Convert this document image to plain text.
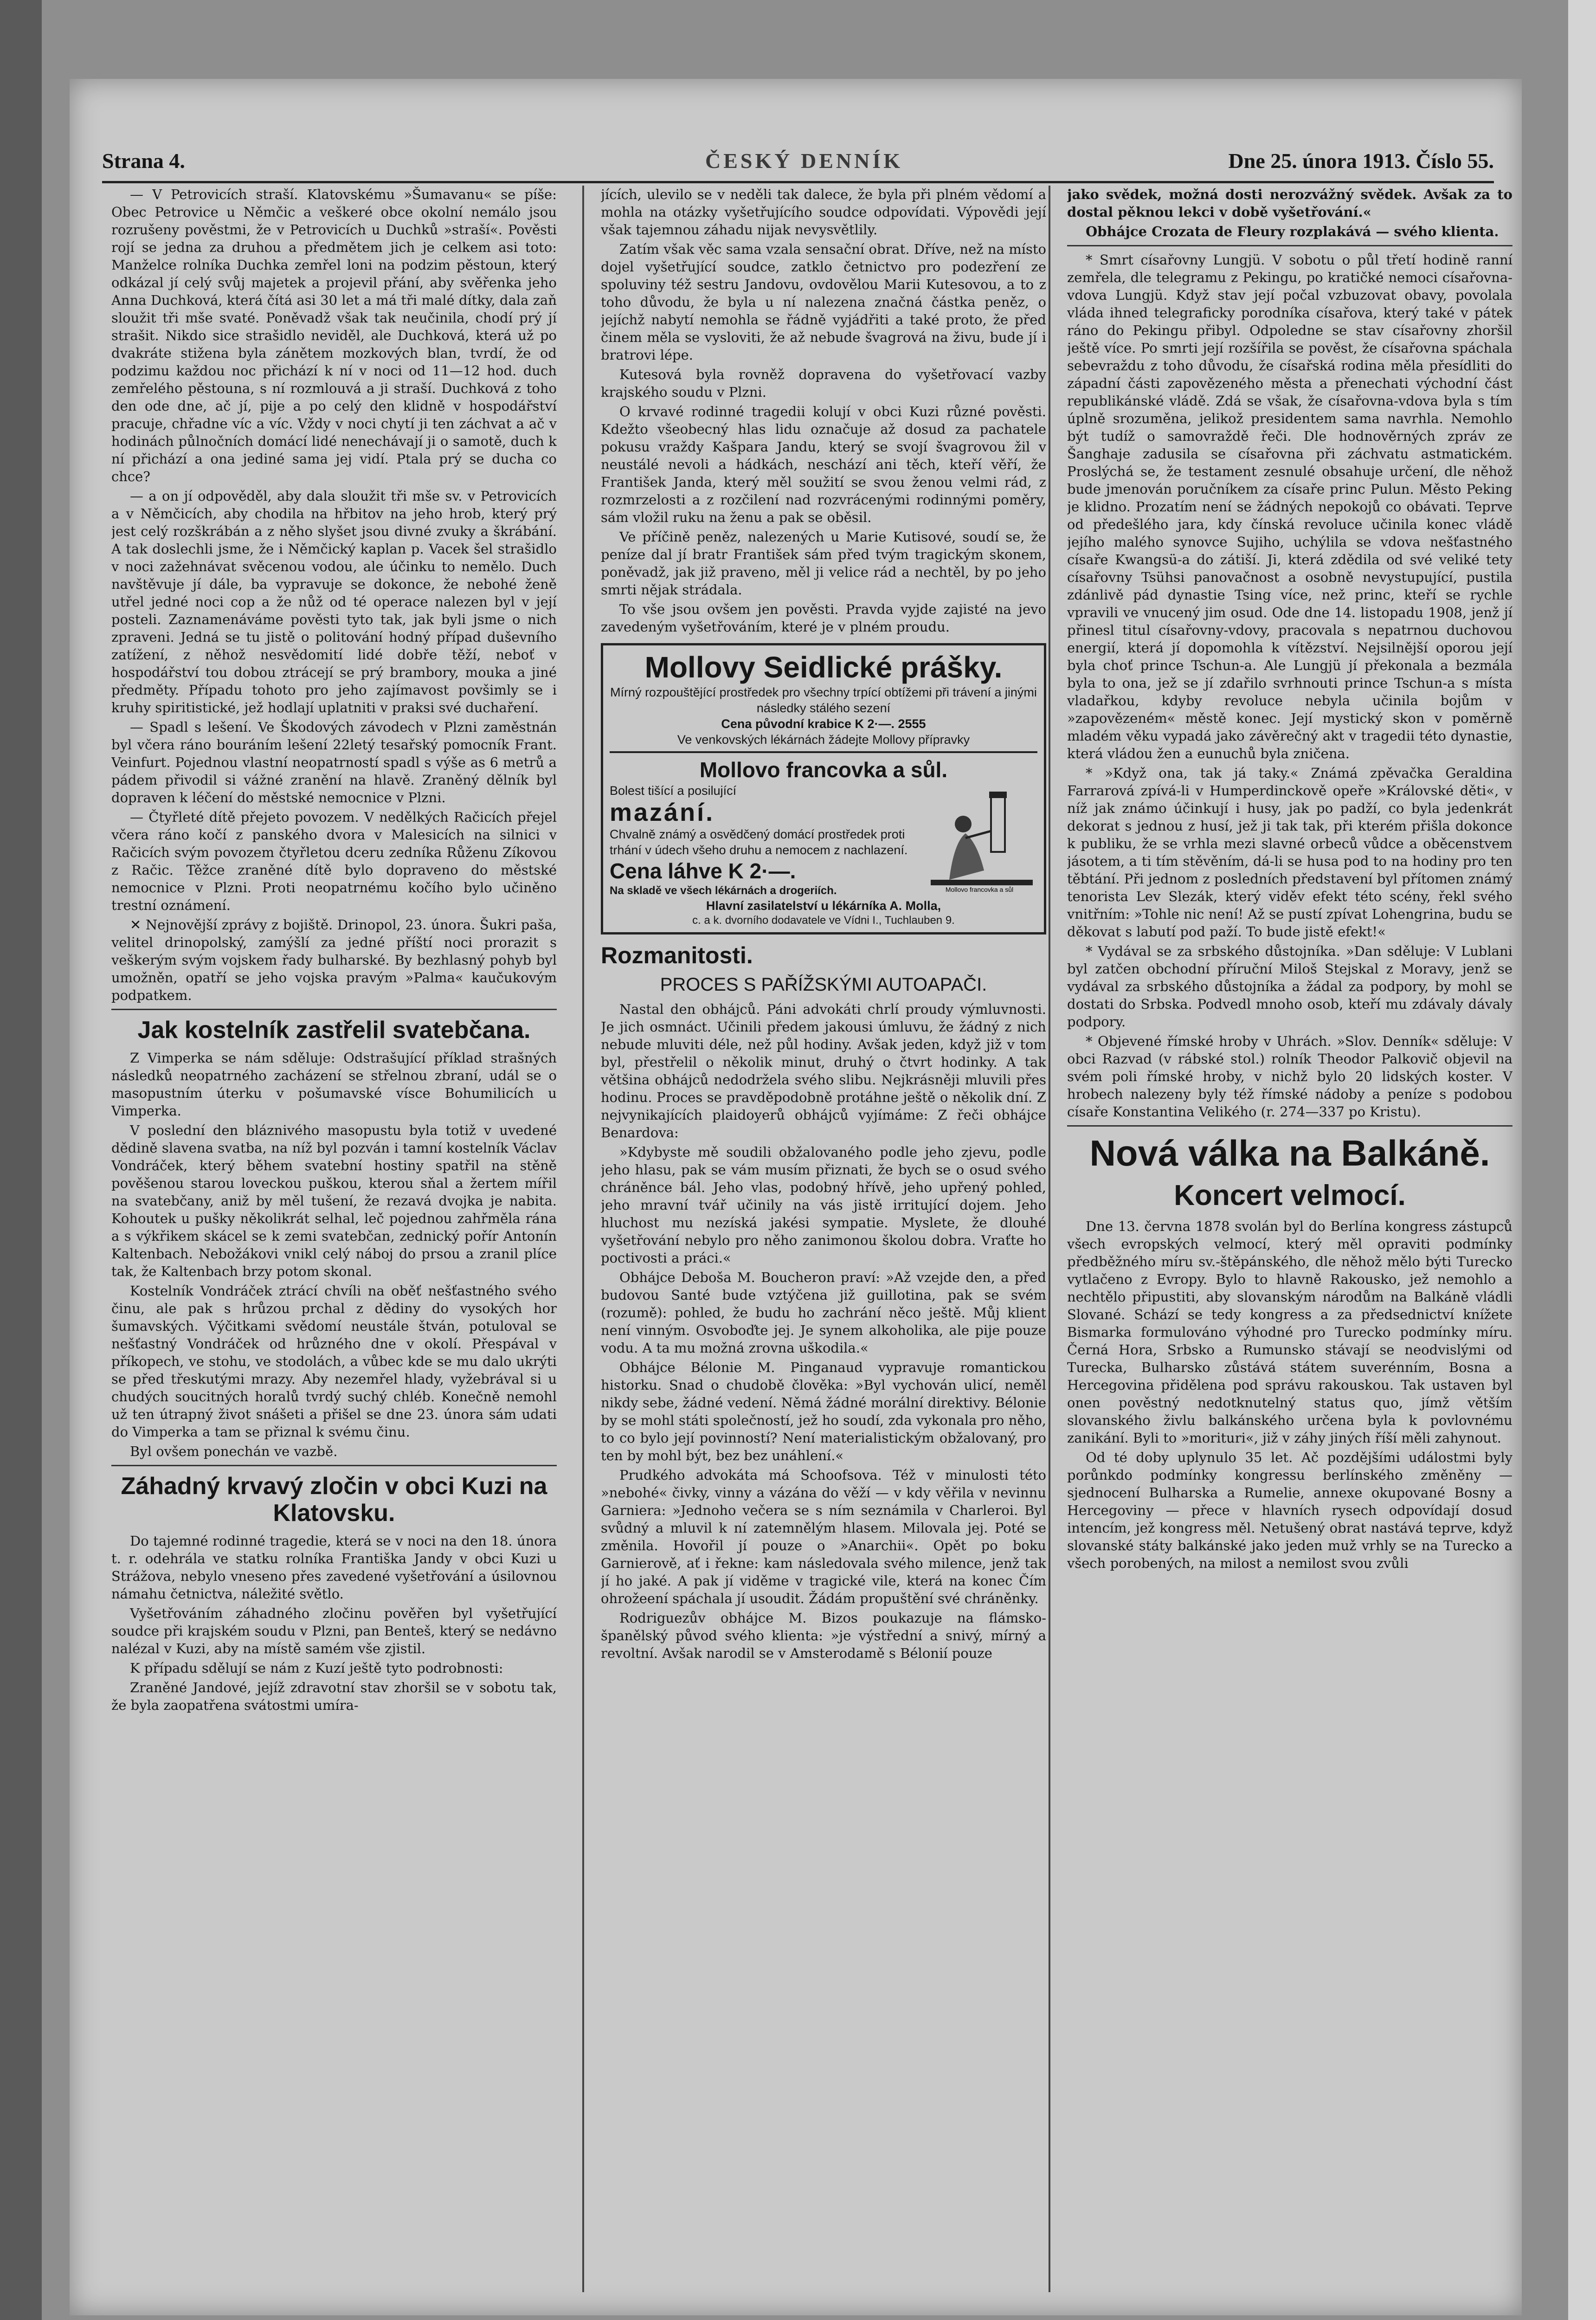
Strana 4.	ČESKÝ DENNÍK	Dne 25. února 1913. Číslo 55.

— V Petrovicích straší. Klatovskému »Šumavanu« se píše: Obec Petrovice u Němčic a veškeré obce okolní nemálo jsou rozrušeny pověstmi, že v Petrovicích u Duchků »straší«. Pověsti rojí se jedna za druhou a předmětem jich je celkem asi toto: Manželce rolníka Duchka zemřel loni na podzim pěstoun, který odkázal jí celý svůj majetek a projevil přání, aby svěřenka jeho Anna Duchková, která čítá asi 30 let a má tři malé dítky, dala zaň sloužit tři mše svaté. Poněvadž však tak neučinila, chodí prý jí strašit. Nikdo sice strašidlo neviděl, ale Duchková, která už po dvakráte stižena byla zánětem mozkových blan, tvrdí, že od podzimu každou noc přichází k ní v noci od 11—12 hod. duch zemřelého pěstouna, s ní rozmlouvá a ji straší. Duchková z toho den ode dne, ač jí, pije a po celý den klidně v hospodářství pracuje, chřadne víc a víc. Vždy v noci chytí ji ten záchvat a ač v hodinách půlnočních domácí lidé nenechávají ji o samotě, duch k ní přichází a ona jediné sama jej vidí. Ptala prý se ducha co chce?

— a on jí odpověděl, aby dala sloužit tři mše sv. v Petrovicích a v Němčicích, aby chodila na hřbitov na jeho hrob, který prý jest celý rozškrábán a z něho slyšet jsou divné zvuky a škrábání. A tak doslechli jsme, že i Němčický kaplan p. Vacek šel strašidlo v noci zažehnávat svěcenou vodou, ale účinku to nemělo. Duch navštěvuje jí dále, ba vypravuje se dokonce, že nebohé ženě utřel jedné noci cop a že nůž od té operace nalezen byl v její posteli. Zaznamenáváme pověsti tyto tak, jak byli jsme o nich zpraveni. Jedná se tu jistě o politování hodný případ duševního zatížení, z něhož nesvědomití lidé dobře těží, neboť v hospodářství tou dobou ztrácejí se prý brambory, mouka a jiné předměty. Případu tohoto pro jeho zajímavost povšimly se i kruhy spiritistické, jež hodlají uplatniti v praksi své duchaření.

— Spadl s lešení. Ve Škodových závodech v Plzni zaměstnán byl včera ráno bouráním lešení 22letý tesařský pomocník Frant. Veinfurt. Pojednou vlastní neopatrností spadl s výše as 6 metrů a pádem přivodil si vážné zranění na hlavě. Zraněný dělník byl dopraven k léčení do městské nemocnice v Plzni.

— Čtyřleté dítě přejeto povozem. V nedělkých Račicích přejel včera ráno kočí z panského dvora v Malesicích na silnici v Račicích svým povozem čtyřletou dceru zedníka Růženu Zíkovou z Račic. Těžce zraněné dítě bylo dopraveno do městské nemocnice v Plzni. Proti neopatrnému kočího bylo učiněno trestní oznámení.

✕ Nejnovější zprávy z bojiště. Drinopol, 23. února. Šukri paša, velitel drinopolský, zamýšlí za jedné příští noci prorazit s veškerým svým vojskem řady bulharské. By bezhlasný pohyb byl umožněn, opatří se jeho vojska pravým »Palma« kaučukovým podpatkem.

Jak kostelník zastřelil svatebčana.

Z Vimperka se nám sděluje: Odstrašující příklad strašných následků neopatrného zacházení se střelnou zbraní, udál se o masopustním úterku v pošumavské vísce Bohumilicích u Vimperka.

V poslední den bláznivého masopustu byla totiž v uvedené dědině slavena svatba, na níž byl pozván i tamní kostelník Václav Vondráček, který během svatební hostiny spatřil na stěně pověšenou starou loveckou puškou, kterou sňal a žertem mířil na svatebčany, aniž by měl tušení, že rezavá dvojka je nabita. Kohoutek u pušky několikrát selhal, leč pojednou zahřměla rána a s výkřikem skácel se k zemi svatebčan, zednický pořír Antonín Kaltenbach. Nebožákovi vnikl celý náboj do prsou a zranil plíce tak, že Kaltenbach brzy potom skonal.

Kostelník Vondráček ztrácí chvíli na oběť nešťastného svého činu, ale pak s hrůzou prchal z dědiny do vysokých hor šumavských. Výčitkami svědomí neustále štván, potuloval se nešťastný Vondráček od hrůzného dne v okolí. Přespával v příkopech, ve stohu, ve stodolách, a vůbec kde se mu dalo ukrýti se před třeskutými mrazy. Aby nezemřel hlady, vyžebrával si u chudých soucitných horalů tvrdý suchý chléb. Konečně nemohl už ten útrapný život snášeti a přišel se dne 23. února sám udati do Vimperka a tam se přiznal k svému činu.

Byl ovšem ponechán ve vazbě.

Záhadný krvavý zločin v obci Kuzi na Klatovsku.

Do tajemné rodinné tragedie, která se v noci na den 18. února t. r. odehrála ve statku rolníka Františka Jandy v obci Kuzi u Strážova, nebylo vneseno přes zavedené vyšetřování a úsilovnou námahu četnictva, náležité světlo.

Vyšetřováním záhadného zločinu pověřen byl vyšetřující soudce při krajském soudu v Plzni, pan Benteš, který se nedávno nalézal v Kuzi, aby na místě samém vše zjistil.

K případu sdělují se nám z Kuzí ještě tyto podrobnosti:

Zraněné Jandové, jejíž zdravotní stav zhoršil se v sobotu tak, že byla zaopatřena svátostmi umíra-

jících, ulevilo se v neděli tak dalece, že byla při plném vědomí a mohla na otázky vyšetřujícího soudce odpovídati. Výpovědi její však tajemnou záhadu nijak nevysvětlily.

Zatím však věc sama vzala sensační obrat. Dříve, než na místo dojel vyšetřující soudce, zatklo četnictvo pro podezření ze spoluviny též sestru Jandovu, ovdovělou Marii Kutesovou, a to z toho důvodu, že byla u ní nalezena značná částka peněz, o jejíchž nabytí nemohla se řádně vyjádřiti a také proto, že před činem měla se vysloviti, že až nebude švagrová na živu, bude jí i bratrovi lépe.

Kutesová byla rovněž dopravena do vyšetřovací vazby krajského soudu v Plzni.

O krvavé rodinné tragedii kolují v obci Kuzi různé pověsti. Kdežto všeobecný hlas lidu označuje až dosud za pachatele pokusu vraždy Kašpara Jandu, který se svojí švagrovou žil v neustálé nevoli a hádkách, neschází ani těch, kteří věří, že František Janda, který měl soužití se svou ženou velmi rád, z rozmrzelosti a z rozčilení nad rozvrácenými rodinnými poměry, sám vložil ruku na ženu a pak se oběsil.

Ve příčině peněz, nalezených u Marie Kutisové, soudí se, že peníze dal jí bratr František sám před tvým tragickým skonem, poněvadž, jak již praveno, měl ji velice rád a nechtěl, by po jeho smrti nějak strádala.

To vše jsou ovšem jen pověsti. Pravda vyjde zajisté na jevo zavedeným vyšetřováním, které je v plném proudu.

Mollovy Seidlické prášky.
Mírný rozpouštějící prostředek pro všechny trpící obtížemi při trávení a jinými následky stálého sezení
Cena původní krabice K 2·—. 2555
Ve venkovských lékárnách žádejte Mollovy přípravky
Mollovo francovka a sůl.
Bolest tišící a posilující
mazání.
Chvalně známý a osvědčený domácí prostředek proti trhání v údech všeho druhu a nemocem z nachlazení.
Cena láhve K 2·—.
Na skladě ve všech lékárnách a drogeriích.	Mollovo francovka a sůl
Hlavní zasilatelství u lékárníka A. Molla,
c. a k. dvorního dodavatele ve Vídni I., Tuchlauben 9.
Rozmanitosti.
PROCES S PAŘÍŽSKÝMI AUTOAPAČI.

Nastal den obhájců. Páni advokáti chrlí proudy výmluvnosti. Je jich osmnáct. Učinili předem jakousi úmluvu, že žádný z nich nebude mluviti déle, než půl hodiny. Avšak jeden, když již v tom byl, přestřelil o několik minut, druhý o čtvrt hodinky. A tak většina obhájců nedodržela svého slibu. Nejkrásněji mluvili přes hodinu. Proces se pravděpodobně protáhne ještě o několik dní. Z nejvynikajících plaidoyerů obhájců vyjímáme: Z řeči obhájce Benardova:

»Kdybyste mě soudili obžalovaného podle jeho zjevu, podle jeho hlasu, pak se vám musím přiznati, že bych se o osud svého chráněnce bál. Jeho vlas, podobný hřívě, jeho upřený pohled, jeho mravní tvář učinily na vás jistě irritující dojem. Jeho hluchost mu nezíská jakési sympatie. Myslete, že dlouhé vyšetřování nebylo pro něho zanimonou školou dobra. Vraťte ho poctivosti a práci.«

Obhájce Deboša M. Boucheron praví: »Až vzejde den, a před budovou Santé bude vztýčena již guillotina, pak se svém (rozumě): pohled, že budu ho zachrání něco ještě. Můj klient není vinným. Osvoboďte jej. Je synem alkoholika, ale pije pouze vodu. A ta mu možná zrovna uškodila.«

Obhájce Bélonie M. Pinganaud vypravuje romantickou historku. Snad o chudobě člověka: »Byl vychován ulicí, neměl nikdy sebe, žádné vedení. Němá žádné morální direktivy. Bélonie by se mohl státi společností, jež ho soudí, zda vykonala pro něho, to co bylo její povinností? Není materialistickým obžalovaný, pro ten by mohl být, bez bez unáhlení.«

Prudkého advokáta má Schoofsova. Též v minulosti této »nebohé« čivky, vinny a vázána do věží — v kdy věřila v nevinnu Garniera: »Jednoho večera se s ním seznámila v Charleroi. Byl svůdný a mluvil k ní zatemnělým hlasem. Milovala jej. Poté se změnila. Hovořil jí pouze o »Anarchii«. Opět po boku Garnierově, ať i řekne: kam následovala svého milence, jenž tak jí ho jaké. A pak jí viděme v tragické vile, která na konec Čím ohrožeení spáchala jí usoudit. Žádám propuštění své chráněnky.

Rodriguezův obhájce M. Bizos poukazuje na flámsko-španělský původ svého klienta: »je výstřední a snivý, mírný a revoltní. Avšak narodil se v Amsterodamě s Bélonií pouze

jako svědek, možná dosti nerozvážný svědek. Avšak za to dostal pěknou lekci v době vyšetřování.«

Obhájce Crozata de Fleury rozplakává — svého klienta.

* Smrt císařovny Lungjü. V sobotu o půl třetí hodině ranní zemřela, dle telegramu z Pekingu, po kratičké nemoci císařovna-vdova Lungjü. Když stav její počal vzbuzovat obavy, povolala vláda ihned telegraficky porodníka císařova, který také v pátek ráno do Pekingu přibyl. Odpoledne se stav císařovny zhoršil ještě více. Po smrti její rozšířila se pověst, že císařovna spáchala sebevraždu z toho důvodu, že císařská rodina měla přesídliti do západní části zapovězeného města a přenechati východní část republikánské vládě. Zdá se však, že císařovna-vdova byla s tím úplně srozuměna, jelikož presidentem sama navrhla. Nemohlo být tudíž o samovraždě řeči. Dle hodnověrných zpráv ze Šanghaje zadusila se císařovna při záchvatu astmatickém. Proslýchá se, že testament zesnulé obsahuje určení, dle něhož bude jmenován poručníkem za císaře princ Pulun. Město Peking je klidno. Prozatím není se žádných nepokojů co obávati. Teprve od předešlého jara, kdy čínská revoluce učinila konec vládě jejího malého synovce Sujiho, uchýlila se vdova nešťastného císaře Kwangsü-a do zátiší. Ji, která zdědila od své veliké tety císařovny Tsühsi panovačnost a osobně nevystupující, pustila zdánlivě pád dynastie Tsing více, než princ, kteří se rychle vpravili ve vnucený jim osud. Ode dne 14. listopadu 1908, jenž jí přinesl titul císařovny-vdovy, pracovala s nepatrnou duchovou energií, která jí dopomohla k vítězství. Nejsilnější oporou její byla choť prince Tschun-a. Ale Lungjü jí překonala a bezmála byla to ona, jež se jí zdařilo svrhnouti prince Tschun-a s místa vladařkou, kdyby revoluce nebyla učinila bojům v »zapovězeném« městě konec. Její mystický skon v poměrně mladém věku vypadá jako závěrečný akt v tragedii této dynastie, která vládou žen a eunuchů byla zničena.

* »Když ona, tak já taky.« Známá zpěvačka Geraldina Farrarová zpívá-li v Humperdinckově opeře »Královské děti«, v níž jak známo účinkují i husy, jak po padží, co byla jedenkrát dekorat s jednou z husí, jež ji tak tak, při kterém přišla dokonce k publiku, že se vrhla mezi slavné orbeců vůdce a oběcenstvem jásotem, a ti tím stěvěním, dá-li se husa pod to na hodiny pro ten těbtání. Při jednom z posledních představení byl přítomen známý tenorista Lev Slezák, který viděv efekt této scény, řekl svého vnitřním: »Tohle nic není! Až se pustí zpívat Lohengrina, budu se děkovat s labutí pod paží. To bude jistě efekt!«

* Vydával se za srbského důstojníka. »Dan sděluje: V Lublani byl zatčen obchodní příruční Miloš Stejskal z Moravy, jenž se vydával za srbského důstojníka a žádal za podpory, by mohl se dostati do Srbska. Podvedl mnoho osob, kteří mu zdávaly dávaly podpory.

* Objevené římské hroby v Uhrách. »Slov. Denník« sděluje: V obci Razvad (v rábské stol.) rolník Theodor Palkovič objevil na svém poli římské hroby, v nichž bylo 20 lidských koster. V hrobech nalezeny byly též římské nádoby a peníze s podobou císaře Konstantina Velikého (r. 274—337 po Kristu).

Nová válka na Balkáně.
Koncert velmocí.

Dne 13. června 1878 svolán byl do Berlína kongress zástupců všech evropských velmocí, který měl opraviti podmínky předběžného míru sv.-štěpánského, dle něhož mělo býti Turecko vytlačeno z Evropy. Bylo to hlavně Rakousko, jež nemohlo a nechtělo připustiti, aby slovanským národům na Balkáně vládli Slované. Schází se tedy kongress a za předsednictví knížete Bismarka formulováno výhodné pro Turecko podmínky míru. Černá Hora, Srbsko a Rumunsko stávají se neodvislými od Turecka, Bulharsko zůstává státem suverénním, Bosna a Hercegovina přidělena pod správu rakouskou. Tak ustaven byl onen pověstný nedotknutelný status quo, jímž větším slovanského živlu balkánského určena byla k povlovnému zanikání. Byli to »morituri«, již v záhy jiných říší měli zahynout.

Od té doby uplynulo 35 let. Ač pozdějšími událostmi byly porůnkdo podmínky kongressu berlínského změněny — sjednocení Bulharska a Rumelie, annexe okupované Bosny a Hercegoviny — přece v hlavních rysech odpovídají dosud intencím, jež kongress měl. Netušený obrat nastává teprve, když slovanské státy balkánské jako jeden muž vrhly se na Turecko a všech porobených, na milost a nemilost svou zvůli
